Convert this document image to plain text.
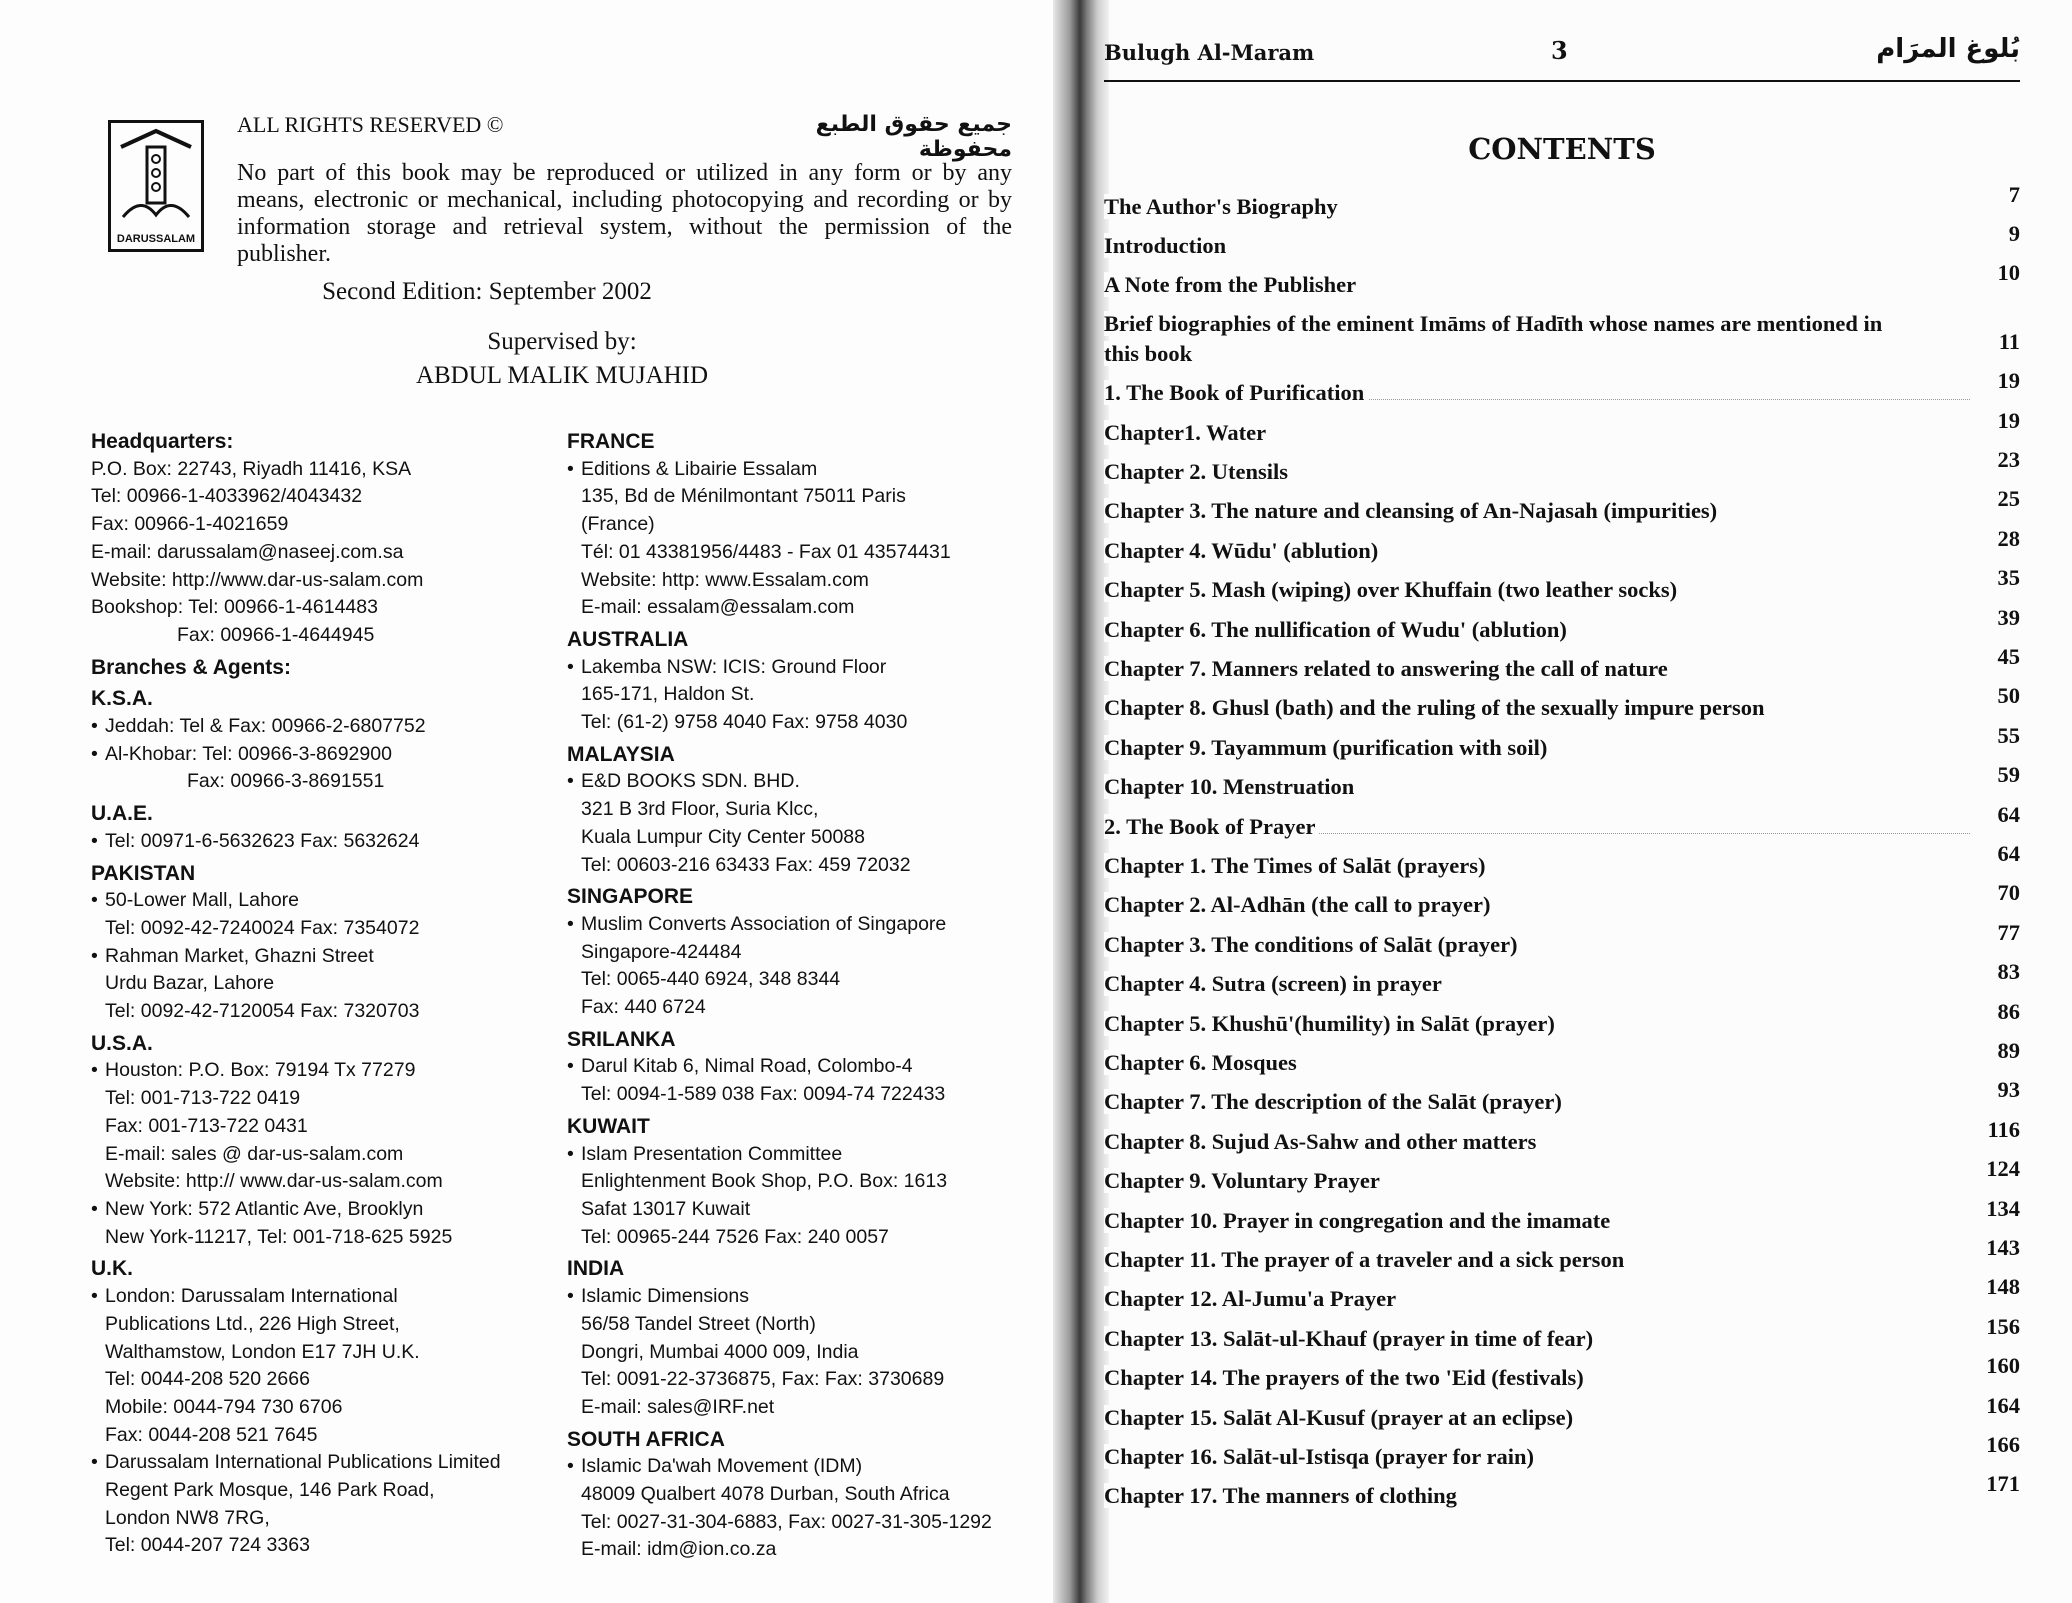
DARUSSALAM
ALL RIGHTS RESERVED ©	جميع حقوق الطبع محفوظة
No part of this book may be reproduced or utilized in any form or by any means, electronic or mechanical, including photocopying and recording or by information storage and retrieval system, without the permission of the publisher.
Second Edition: September 2002
Supervised by:
ABDUL MALIK MUJAHID
Headquarters:
P.O. Box: 22743, Riyadh 11416, KSA
Tel: 00966-1-4033962/4043432
Fax: 00966-1-4021659
E-mail: darussalam@naseej.com.sa
Website: http://www.dar-us-salam.com
Bookshop: Tel: 00966-1-4614483
Fax: 00966-1-4644945
Branches & Agents:
K.S.A.
• Jeddah: Tel & Fax: 00966-2-6807752
• Al-Khobar: Tel: 00966-3-8692900
Fax: 00966-3-8691551
U.A.E.
• Tel: 00971-6-5632623 Fax: 5632624
PAKISTAN
• 50-Lower Mall, Lahore
Tel: 0092-42-7240024 Fax: 7354072
• Rahman Market, Ghazni Street
Urdu Bazar, Lahore
Tel: 0092-42-7120054 Fax: 7320703
U.S.A.
• Houston: P.O. Box: 79194 Tx 77279
Tel: 001-713-722 0419
Fax: 001-713-722 0431
E-mail: sales @ dar-us-salam.com
Website: http:// www.dar-us-salam.com
• New York: 572 Atlantic Ave, Brooklyn
New York-11217, Tel: 001-718-625 5925
U.K.
• London: Darussalam International
Publications Ltd., 226 High Street,
Walthamstow, London E17 7JH U.K.
Tel: 0044-208 520 2666
Mobile: 0044-794 730 6706
Fax: 0044-208 521 7645
• Darussalam International Publications Limited
Regent Park Mosque, 146 Park Road,
London NW8 7RG,
Tel: 0044-207 724 3363
FRANCE
• Editions & Libairie Essalam
135, Bd de Ménilmontant 75011 Paris
(France)
Tél: 01 43381956/4483 - Fax 01 43574431
Website: http: www.Essalam.com
E-mail: essalam@essalam.com
AUSTRALIA
• Lakemba NSW: ICIS: Ground Floor
165-171, Haldon St.
Tel: (61-2) 9758 4040 Fax: 9758 4030
MALAYSIA
• E&D BOOKS SDN. BHD.
321 B 3rd Floor, Suria Klcc,
Kuala Lumpur City Center 50088
Tel: 00603-216 63433 Fax: 459 72032
SINGAPORE
• Muslim Converts Association of Singapore
Singapore-424484
Tel: 0065-440 6924, 348 8344
Fax: 440 6724
SRILANKA
• Darul Kitab 6, Nimal Road, Colombo-4
Tel: 0094-1-589 038 Fax: 0094-74 722433
KUWAIT
• Islam Presentation Committee
Enlightenment Book Shop, P.O. Box: 1613
Safat 13017 Kuwait
Tel: 00965-244 7526 Fax: 240 0057
INDIA
• Islamic Dimensions
56/58 Tandel Street (North)
Dongri, Mumbai 4000 009, India
Tel: 0091-22-3736875, Fax: Fax: 3730689
E-mail: sales@IRF.net
SOUTH AFRICA
• Islamic Da'wah Movement (IDM)
48009 Qualbert 4078 Durban, South Africa
Tel: 0027-31-304-6883, Fax: 0027-31-305-1292
E-mail: idm@ion.co.za
Bulugh Al-Maram	3	بُلوغ المرَام
CONTENTS
The Author's Biography	7
Introduction	9
A Note from the Publisher	10
Brief biographies of the eminent Imāms of Hadīth whose names are mentioned in
this book	11
1. The Book of Purification	19
Chapter1. Water	19
Chapter 2. Utensils	23
Chapter 3. The nature and cleansing of An-Najasah (impurities)	25
Chapter 4. Wūdu' (ablution)	28
Chapter 5. Mash (wiping) over Khuffain (two leather socks)	35
Chapter 6. The nullification of Wudu' (ablution)	39
Chapter 7. Manners related to answering the call of nature	45
Chapter 8. Ghusl (bath) and the ruling of the sexually impure person	50
Chapter 9. Tayammum (purification with soil)	55
Chapter 10. Menstruation	59
2. The Book of Prayer	64
Chapter 1. The Times of Salāt (prayers)	64
Chapter 2. Al-Adhān (the call to prayer)	70
Chapter 3. The conditions of Salāt (prayer)	77
Chapter 4. Sutra (screen) in prayer	83
Chapter 5. Khushū'(humility) in Salāt (prayer)	86
Chapter 6. Mosques	89
Chapter 7. The description of the Salāt (prayer)	93
Chapter 8. Sujud As-Sahw and other matters	116
Chapter 9. Voluntary Prayer	124
Chapter 10. Prayer in congregation and the imamate	134
Chapter 11. The prayer of a traveler and a sick person	143
Chapter 12. Al-Jumu'a Prayer	148
Chapter 13. Salāt-ul-Khauf (prayer in time of fear)	156
Chapter 14. The prayers of the two 'Eid (festivals)	160
Chapter 15. Salāt Al-Kusuf (prayer at an eclipse)	164
Chapter 16. Salāt-ul-Istisqa (prayer for rain)	166
Chapter 17. The manners of clothing	171
